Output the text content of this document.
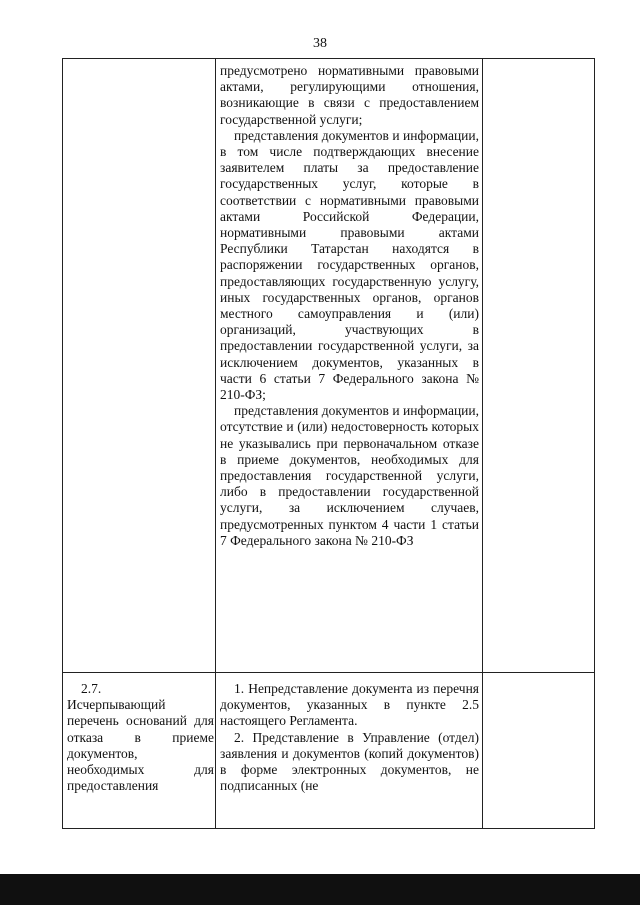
38

предусмотрено нормативными правовыми актами, регулирующими отношения, возникающие в связи с предоставлением государственной услуги;

представления документов и информации, в том числе подтверждающих внесение заявителем платы за предоставление государственных услуг, которые в соответствии с нормативными правовыми актами Российской Федерации, нормативными правовыми актами Республики Татарстан находятся в распоряжении государственных органов, предоставляющих государственную услугу, иных государственных органов, органов местного самоуправления и (или) организаций, участвующих в предоставлении государственной услуги, за исключением документов, указанных в части 6 статьи 7 Федерального закона № 210-ФЗ;

представления документов и информации, отсутствие и (или) недостоверность которых не указывались при первоначальном отказе в приеме документов, необходимых для предоставления государственной услуги, либо в предоставлении государственной услуги, за исключением случаев, предусмотренных пунктом 4 части 1 статьи 7 Федерального закона № 210-ФЗ

2.7.

Исчерпывающий перечень оснований для отказа в приеме документов, необходимых для предоставления

1. Непредставление документа из перечня документов, указанных в пункте 2.5 настоящего Регламента.

2. Представление в Управление (отдел) заявления и документов (копий документов) в форме электронных документов, не подписанных (не
